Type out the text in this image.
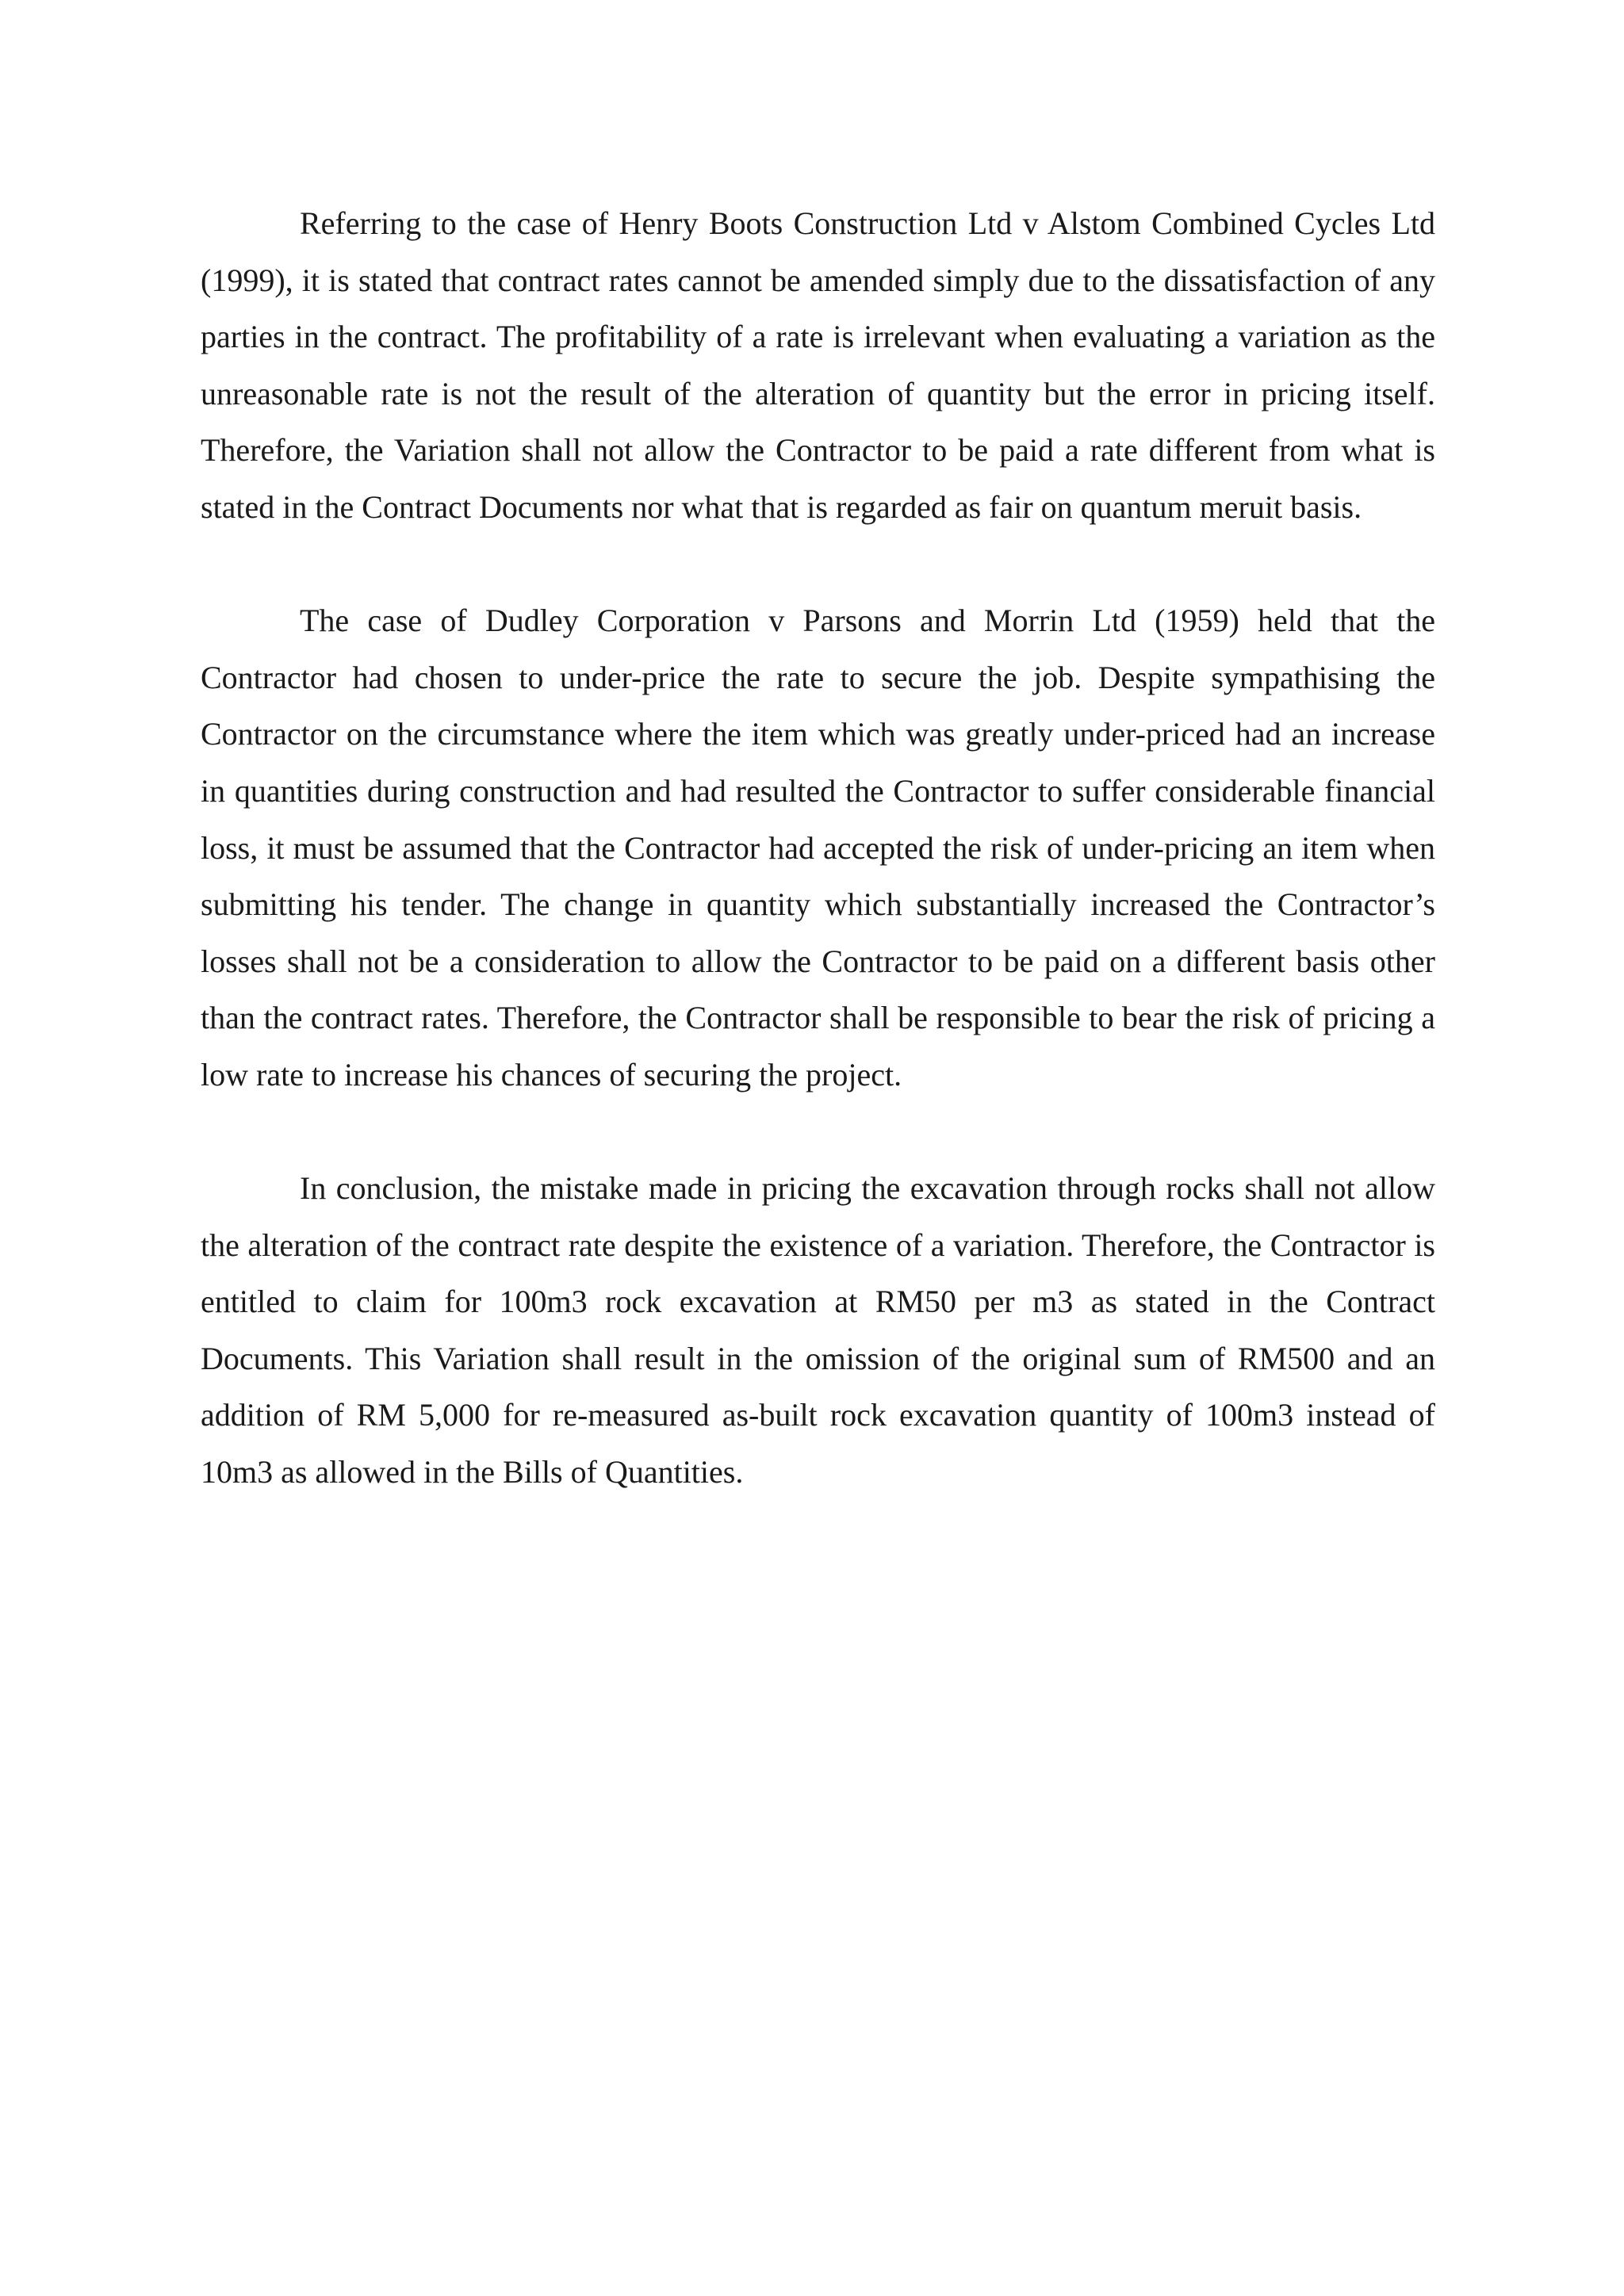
Referring to the case of Henry Boots Construction Ltd v Alstom Combined Cycles Ltd (1999), it is stated that contract rates cannot be amended simply due to the dissatisfaction of any parties in the contract. The profitability of a rate is irrelevant when evaluating a variation as the unreasonable rate is not the result of the alteration of quantity but the error in pricing itself. Therefore, the Variation shall not allow the Contractor to be paid a rate different from what is stated in the Contract Documents nor what that is regarded as fair on quantum meruit basis.

The case of Dudley Corporation v Parsons and Morrin Ltd (1959) held that the Contractor had chosen to under-price the rate to secure the job. Despite sympathising the Contractor on the circumstance where the item which was greatly under-priced had an increase in quantities during construction and had resulted the Contractor to suffer considerable financial loss, it must be assumed that the Contractor had accepted the risk of under-pricing an item when submitting his tender. The change in quantity which substantially increased the Contractor’s losses shall not be a consideration to allow the Contractor to be paid on a different basis other than the contract rates. Therefore, the Contractor shall be responsible to bear the risk of pricing a low rate to increase his chances of securing the project.

In conclusion, the mistake made in pricing the excavation through rocks shall not allow the alteration of the contract rate despite the existence of a variation. Therefore, the Contractor is entitled to claim for 100m3 rock excavation at RM50 per m3 as stated in the Contract Documents. This Variation shall result in the omission of the original sum of RM500 and an addition of RM 5,000 for re-measured as-built rock excavation quantity of 100m3 instead of 10m3 as allowed in the Bills of Quantities.
